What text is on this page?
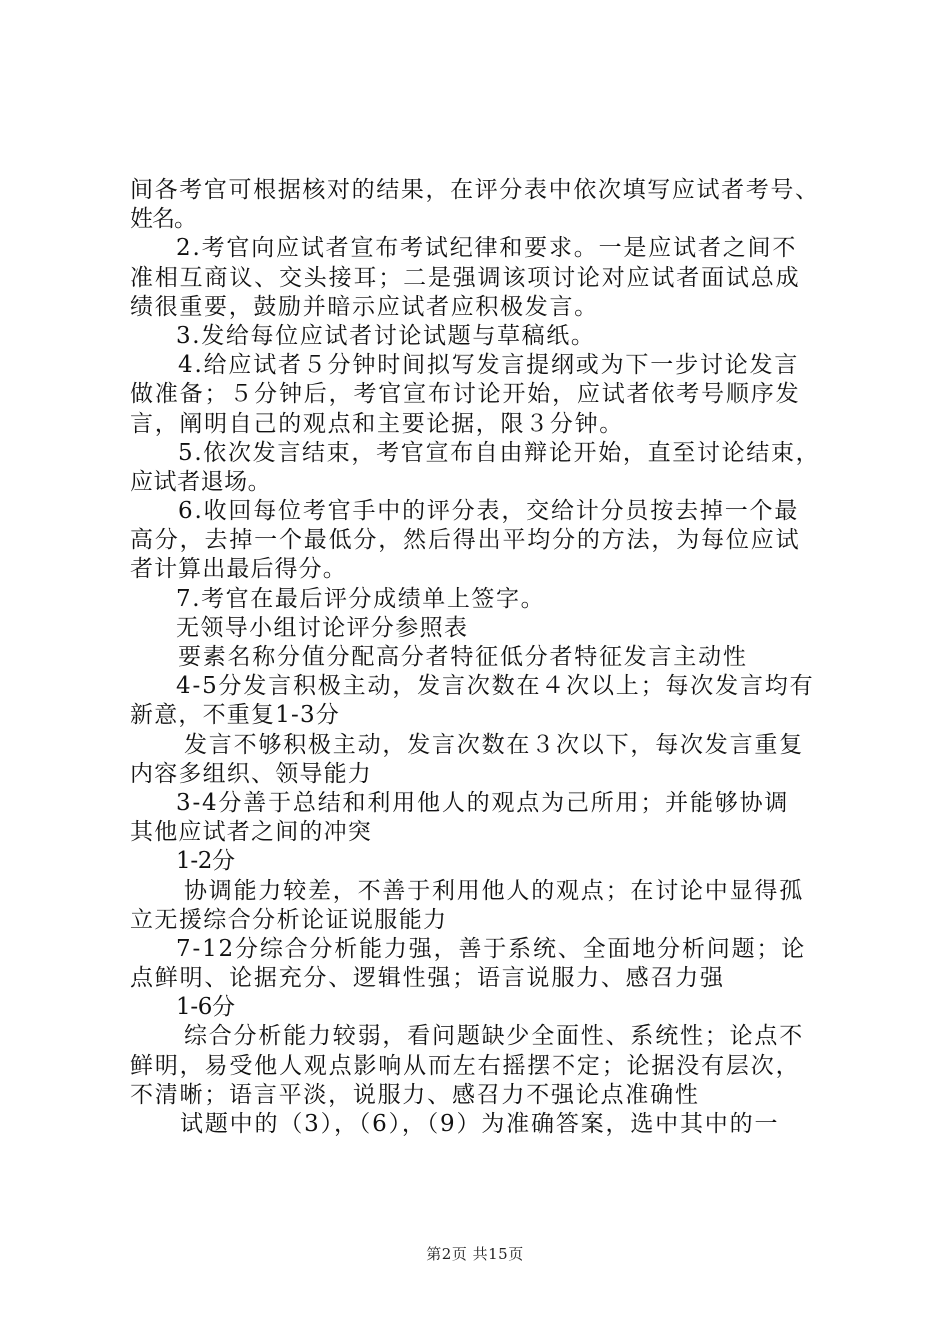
间各考官可根据核对的结果，在评分表中依次填写应试者考号、
姓名。
2.考官向应试者宣布考试纪律和要求。一是应试者之间不
准相互商议、交头接耳；二是强调该项讨论对应试者面试总成
绩很重要，鼓励并暗示应试者应积极发言。
3.发给每位应试者讨论试题与草稿纸。
4.给应试者５分钟时间拟写发言提纲或为下一步讨论发言
做准备；５分钟后，考官宣布讨论开始，应试者依考号顺序发
言，阐明自己的观点和主要论据，限３分钟。
5.依次发言结束，考官宣布自由辩论开始，直至讨论结束，
应试者退场。
6.收回每位考官手中的评分表，交给计分员按去掉一个最
高分，去掉一个最低分，然后得出平均分的方法，为每位应试
者计算出最后得分。
7.考官在最后评分成绩单上签字。
无领导小组讨论评分参照表
要素名称分值分配高分者特征低分者特征发言主动性
4-5分发言积极主动，发言次数在４次以上；每次发言均有
新意，不重复1-3分
发言不够积极主动，发言次数在３次以下，每次发言重复
内容多组织、领导能力
3-4分善于总结和利用他人的观点为己所用；并能够协调
其他应试者之间的冲突
1-2分
协调能力较差，不善于利用他人的观点；在讨论中显得孤
立无援综合分析论证说服能力
7-12分综合分析能力强，善于系统、全面地分析问题；论
点鲜明、论据充分、逻辑性强；语言说服力、感召力强
1-6分
综合分析能力较弱，看问题缺少全面性、系统性；论点不
鲜明，易受他人观点影响从而左右摇摆不定；论据没有层次，
不清晰；语言平淡，说服力、感召力不强论点准确性
试题中的（3），（6），（9）为准确答案，选中其中的一
第2页 共15页
